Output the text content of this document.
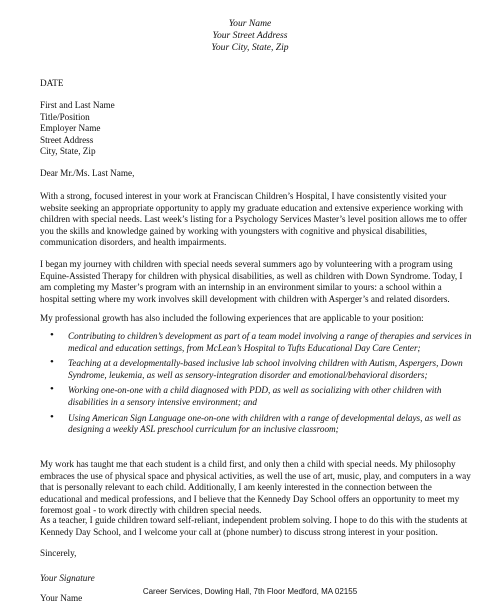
Your Name
Your Street Address
Your City, State, Zip
DATE
First and Last Name
Title/Position
Employer Name
Street Address
City, State, Zip
Dear Mr./Ms. Last Name,
With a strong, focused interest in your work at Franciscan Children’s Hospital, I have consistently visited your website seeking an appropriate opportunity to apply my graduate education and extensive experience working with children with special needs. Last week’s listing for a Psychology Services Master’s level position allows me to offer you the skills and knowledge gained by working with youngsters with cognitive and physical disabilities, communication disorders, and health impairments.
I began my journey with children with special needs several summers ago by volunteering with a program using Equine-Assisted Therapy for children with physical disabilities, as well as children with Down Syndrome. Today, I am completing my Master’s program with an internship in an environment similar to yours: a school within a hospital setting where my work involves skill development with children with Asperger’s and related disorders.
My professional growth has also included the following experiences that are applicable to your position:
• Contributing to children’s development as part of a team model involving a range of therapies and services in medical and education settings, from McLean’s Hospital to Tufts Educational Day Care Center;
• Teaching at a developmentally-based inclusive lab school involving children with Autism, Aspergers, Down Syndrome, leukemia, as well as sensory-integration disorder and emotional/behavioral disorders;
• Working one-on-one with a child diagnosed with PDD, as well as socializing with other children with disabilities in a sensory intensive environment; and
• Using American Sign Language one-on-one with children with a range of developmental delays, as well as designing a weekly ASL preschool curriculum for an inclusive classroom;
My work has taught me that each student is a child first, and only then a child with special needs. My philosophy embraces the use of physical space and physical activities, as well the use of art, music, play, and computers in a way that is personally relevant to each child. Additionally, I am keenly interested in the connection between the educational and medical professions, and I believe that the Kennedy Day School offers an opportunity to meet my foremost goal - to work directly with children special needs.
As a teacher, I guide children toward self-reliant, independent problem solving. I hope to do this with the students at Kennedy Day School, and I welcome your call at (phone number) to discuss strong interest in your position.
Sincerely,
Your Signature
Career Services, Dowling Hall, 7th Floor Medford, MA 02155
Your Name
